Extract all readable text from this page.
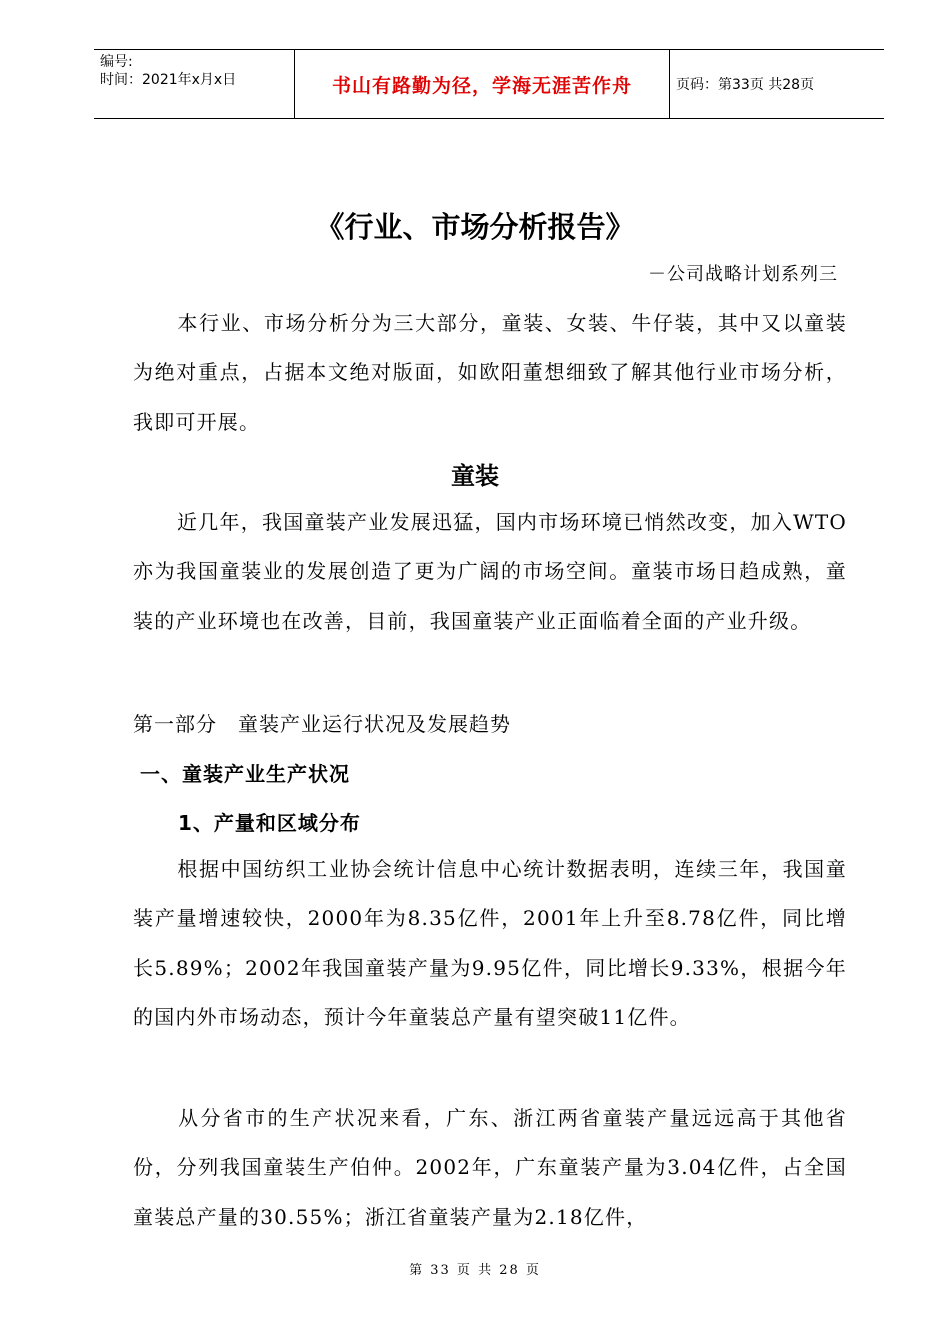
编号:
时间：2021年x月x日	书山有路勤为径，学海无涯苦作舟	页码：第33页 共28页
《行业、市场分析报告》
－公司战略计划系列三
本行业、市场分析分为三大部分，童装、女装、牛仔装，其中又以童装为绝对重点，占据本文绝对版面，如欧阳董想细致了解其他行业市场分析，我即可开展。
童装
近几年，我国童装产业发展迅猛，国内市场环境已悄然改变，加入WTO亦为我国童装业的发展创造了更为广阔的市场空间。童装市场日趋成熟，童装的产业环境也在改善，目前，我国童装产业正面临着全面的产业升级。
第一部分　童装产业运行状况及发展趋势
一、童装产业生产状况
1、产量和区域分布
根据中国纺织工业协会统计信息中心统计数据表明，连续三年，我国童装产量增速较快，2000年为8.35亿件，2001年上升至8.78亿件，同比增长5.89%；2002年我国童装产量为9.95亿件，同比增长9.33%，根据今年的国内外市场动态，预计今年童装总产量有望突破11亿件。
从分省市的生产状况来看，广东、浙江两省童装产量远远高于其他省份，分列我国童装生产伯仲。2002年，广东童装产量为3.04亿件，占全国童装总产量的30.55%；浙江省童装产量为2.18亿件，
第 33 页 共 28 页
